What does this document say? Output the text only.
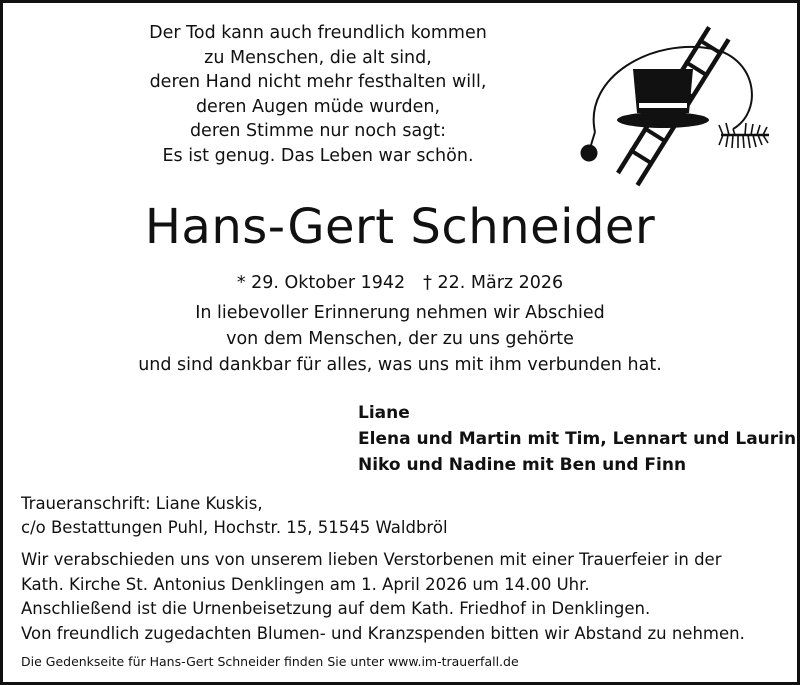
Der Tod kann auch freundlich kommen
zu Menschen, die alt sind,
deren Hand nicht mehr festhalten will,
deren Augen müde wurden,
deren Stimme nur noch sagt:
Es ist genug. Das Leben war schön.
Hans-Gert Schneider
* 29. Oktober 1942 † 22. März 2026
In liebevoller Erinnerung nehmen wir Abschied
von dem Menschen, der zu uns gehörte
und sind dankbar für alles, was uns mit ihm verbunden hat.
Liane
Elena und Martin mit Tim, Lennart und Laurin
Niko und Nadine mit Ben und Finn
Traueranschrift: Liane Kuskis,
c/o Bestattungen Puhl, Hochstr. 15, 51545 Waldbröl
Wir verabschieden uns von unserem lieben Verstorbenen mit einer Trauerfeier in der
Kath. Kirche St. Antonius Denklingen am 1. April 2026 um 14.00 Uhr.
Anschließend ist die Urnenbeisetzung auf dem Kath. Friedhof in Denklingen.
Von freundlich zugedachten Blumen- und Kranzspenden bitten wir Abstand zu nehmen.
Die Gedenkseite für Hans-Gert Schneider finden Sie unter www.im-trauerfall.de
